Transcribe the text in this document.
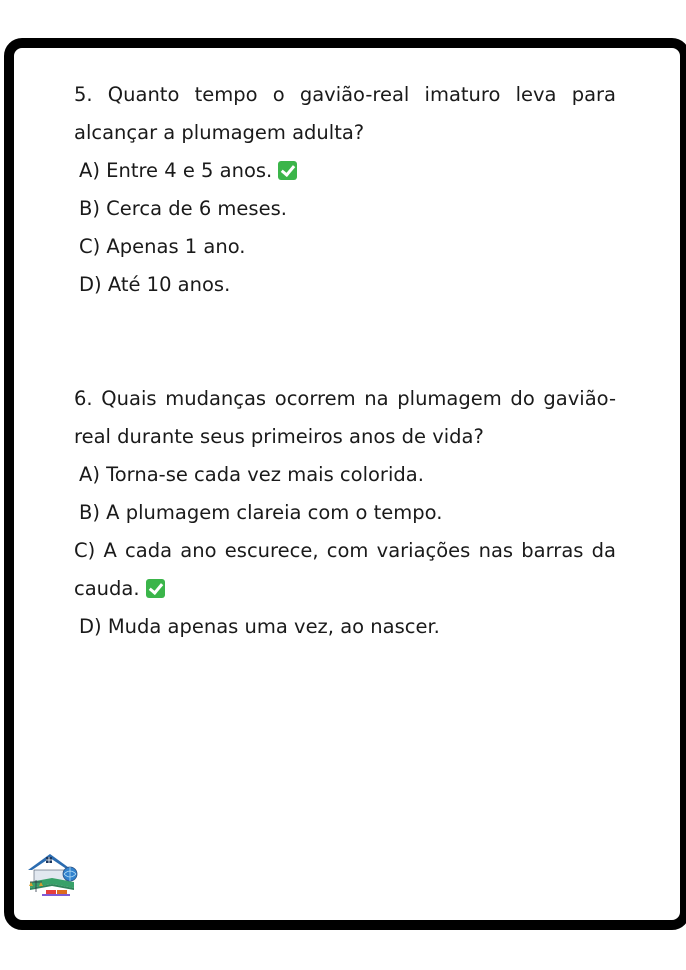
5. Quanto tempo o gavião-real imaturo leva para alcançar a plumagem adulta?

A) Entre 4 e 5 anos.

B) Cerca de 6 meses.

C) Apenas 1 ano.

D) Até 10 anos.

6. Quais mudanças ocorrem na plumagem do gavião-real durante seus primeiros anos de vida?

A) Torna-se cada vez mais colorida.

B) A plumagem clareia com o tempo.

C) A cada ano escurece, com variações nas barras da cauda.

D) Muda apenas uma vez, ao nascer.
